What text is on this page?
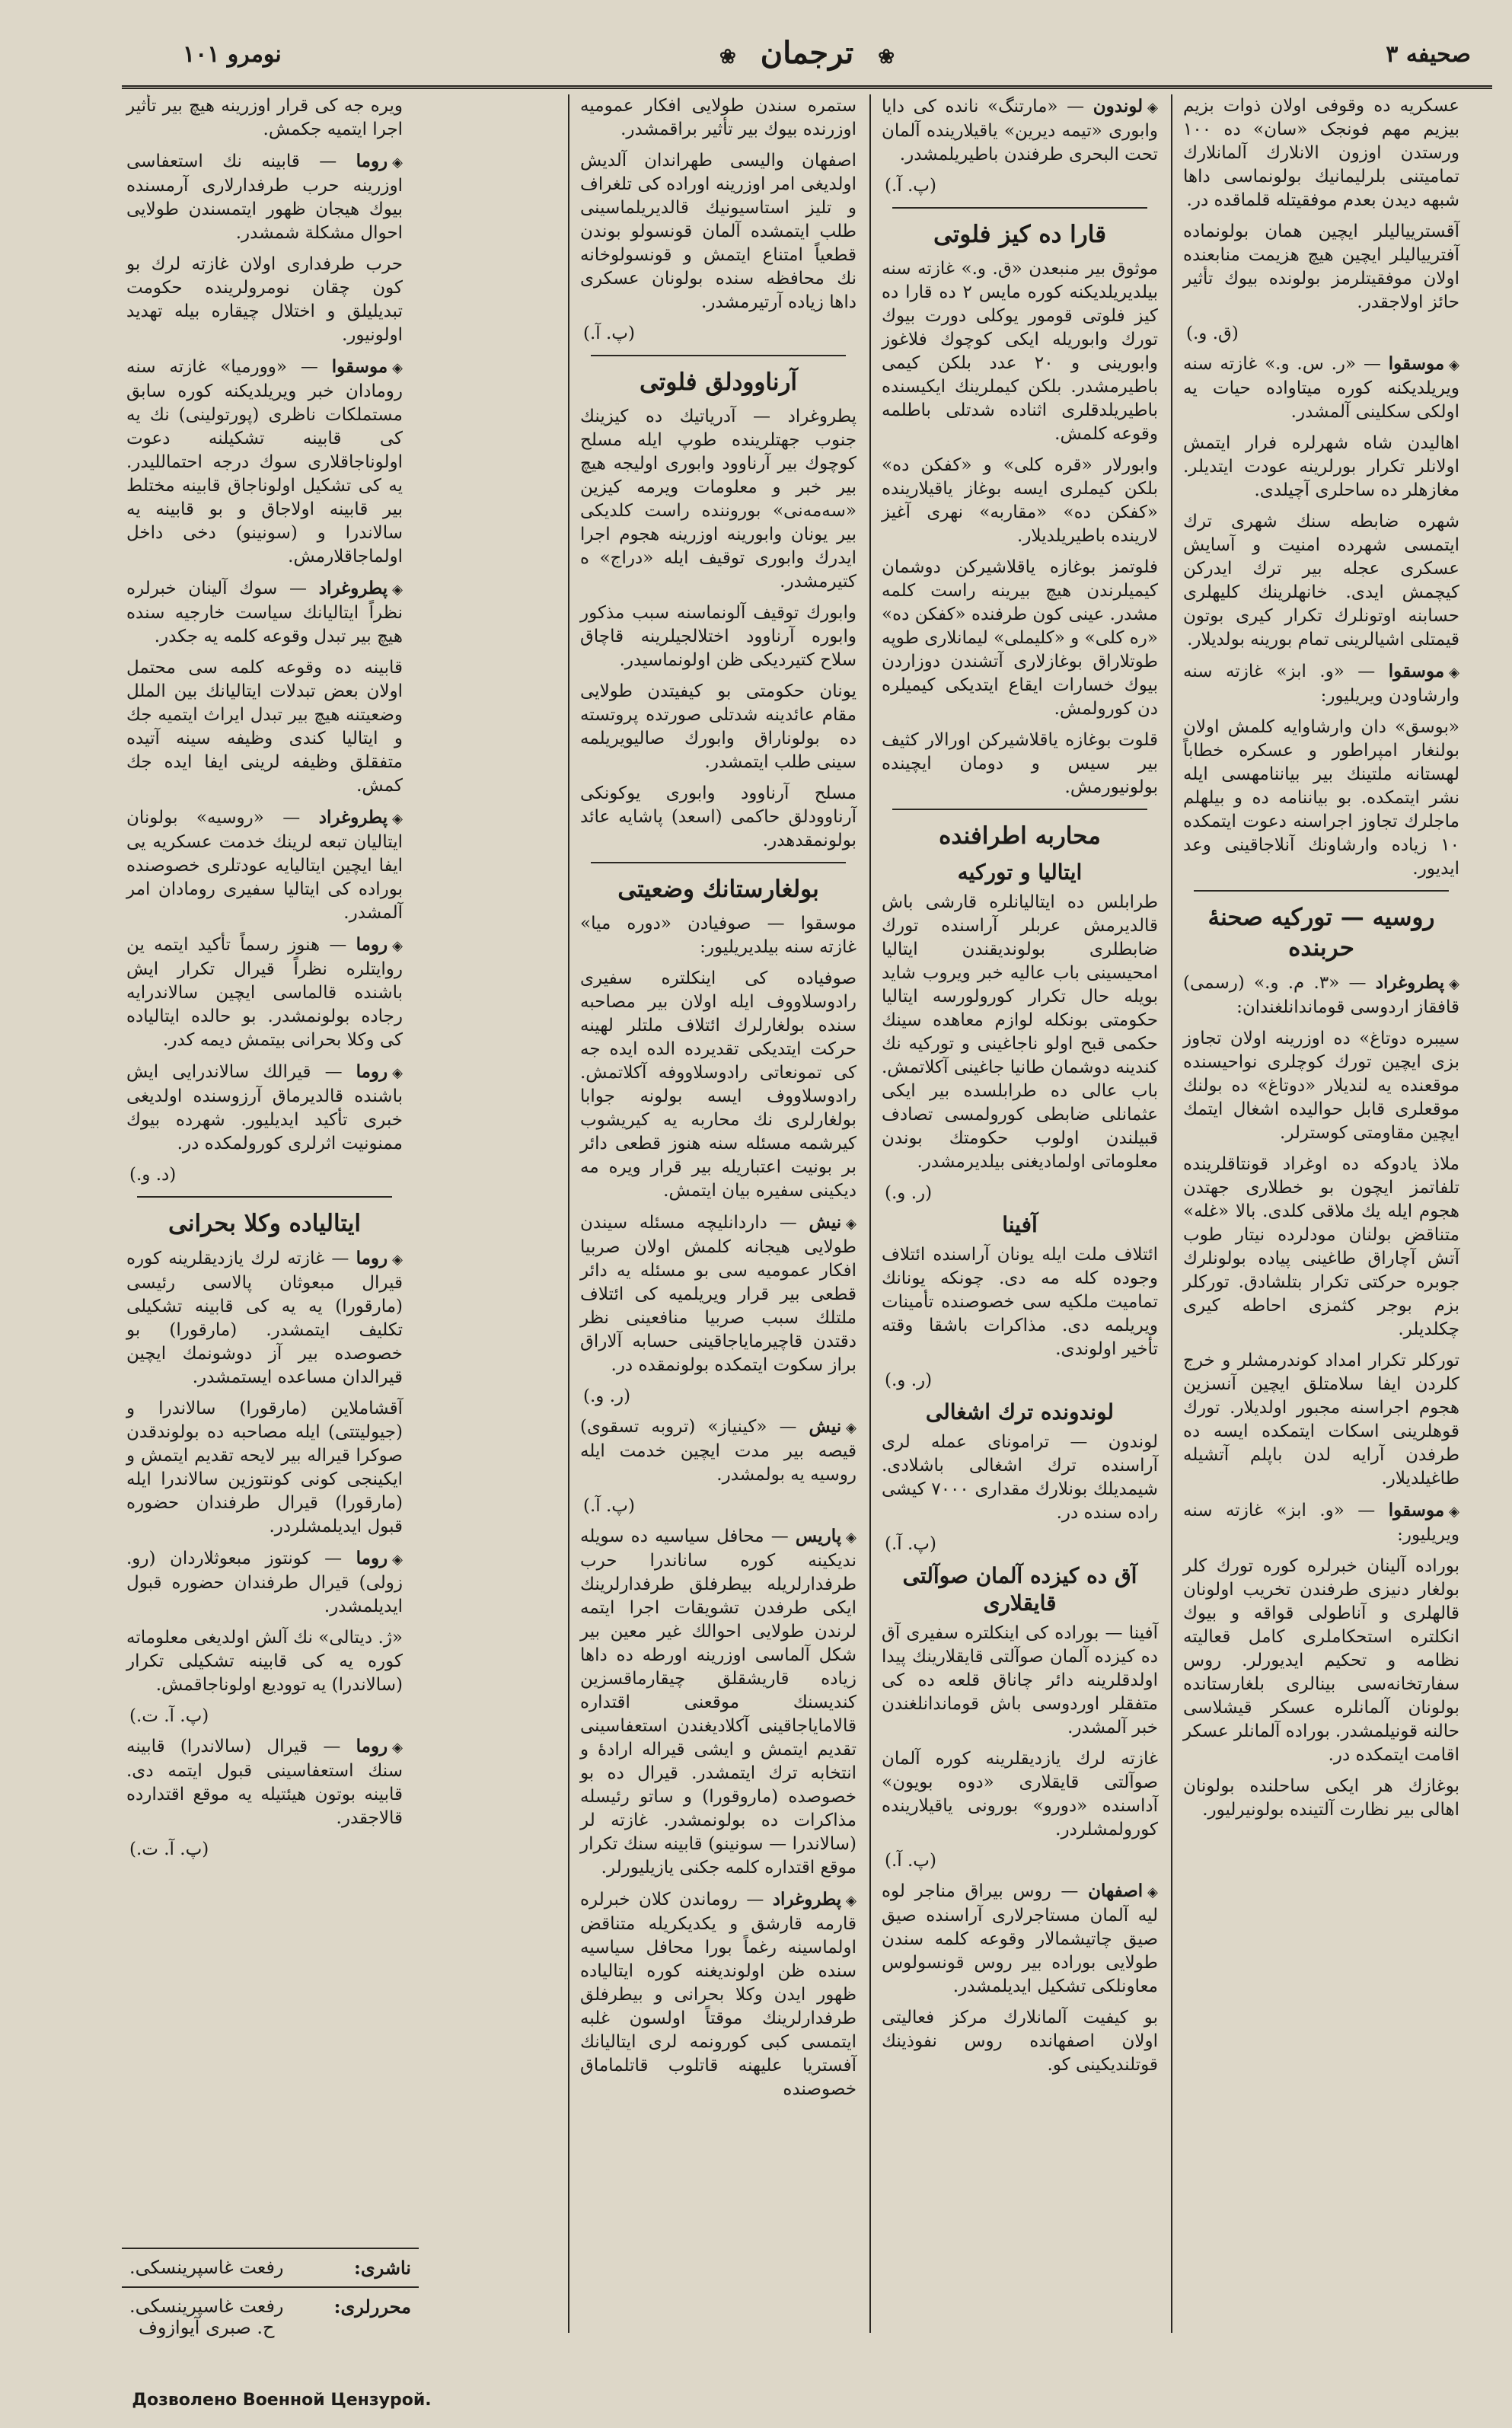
نومرو ۱۰۱	❀ ترجمان ❀	صحیفه ۳
عسکریه ده وقوفی اولان ذوات بزیم بیزیم مهم فونجک «سان» ده ۱۰۰ ورستدن اوزون الانلارك آلمانلارك تمامیتنی بلرلیمانیك بولونماسی داها شبهه دیدن بعدم موفقیتله قلماقده در.
آقسترییالیلر ایچین همان بولونماده آفترییالیلر ایچین هیچ هزیمت منابعنده اولان موفقیتلرمز بولونده بیوك تأثیر حائز اولاجقدر.
(ق. و.)
◈موسقوا — «ر. س. و.» غازته سنه ویریلدیکنه کوره میتاواده حیات یه اولکی سکلینی آلمشدر.
اهالیدن شاه شهرلره فرار ایتمش اولانلر تکرار بورلرینه عودت ایتدیلر. مغازهلر ده ساحلری آچیلدی.
شهره ضابطه سنك شهری ترك ایتمسی شهرده امنیت و آسایش عسکری عجله بیر ترك ایدرکن کیچمش ایدی. خانهلرینك کلیهلری حسابنه اوتونلرك تکرار کیری بوتون قیمتلی اشیالرینی تمام بورینه بولدیلار.
◈موسقوا — «و. ابز» غازته سنه وارشاودن ویریلیور:
«بوسق» دان وارشاوایه کلمش اولان بولنغار امپراطور و عسکره خطاباً لهستانه ملتینك بیر بیاننامهسی ایله نشر ایتمکده. بو بیاننامه ده و بیلهلم ماجلرك تجاوز اجراسنه دعوت ایتمکده ۱۰ زیاده وارشاونك آنلاجاقینی وعد ایدیور.
روسیه — تورکیه صحنهٔ حربنده
◈پطروغراد — «۳. م. و.» (رسمی) قافقاز اردوسی قوماندانلغندان:
سیبره‌ دوتاغ» ده اوزرینه اولان تجاوز بزی ایچین تورك کوچلری نواحیسنده موقعنده یه لندیلار «دوتاغ» ده بولنك موقعلری قابل حوالیده اشغال ایتمك ایچین مقاومتی کوسترلر.
ملاذ یادوکه ده اوغراد قونتاقلرینده تلفاتمز ایچون بو خطلاری جهتدن هجوم ایله یك ملاقی کلدی. بالا «غله» متناقض بولنان مودلرده نیتار طوب آتش آچاراق طاغینی پیاده بولونلرك جوبره حرکتی تکرار بتلشادق. تورکلر بزم بوجر کثمزی احاطه کیری چکلدیلر.
تورکلر تکرار امداد کوندرمشلر و خرج کلردن ایفا سلامتلق ایچین آنسزین هجوم اجراسنه مجبور اولدیلار. تورك قوهلرینی اسکات ایتمکده ایسه ده طرفدن آرایه لدن باپلم آتشیله طاغیلدیلار.
◈موسقوا — «و. ابز» غازته سنه ویریلیور:
بوراده آلینان خبرلره کوره تورك کلر بولغار دنیزی طرفندن تخریب اولونان قالهلری و آناطولی قواقه و بیوك انکلتره استحکاملری کامل قعالیته نظامه و تحکیم ایدیورلر. روس سفارتخانه‌سی بینالری بلغارستانده بولونان آلمانلره عسکر قیشلاسی حالنه قونیلمشدر. بوراده آلمانلر عسکر اقامت ایتمکده در.
بوغازك هر ایکی ساحلنده بولونان اهالی بیر نظارت آلتینده بولونیرلیور.
◈لوندون — «مارتنگ» نانده کی دایا وابوری «تیمه دیرین» یاقیلارینده آلمان تحت البحری طرفندن باطیریلمشدر.
(پ. آ.)
قارا ده کیز فلوتی
موثوق بیر منبعدن «ق. و.» غازته سنه بیلدیریلدیکنه کوره مایس ۲ ده قارا ده کیز فلوتی قومور یوکلی دورت بیوك تورك وابوریله ایکی کوچوك فلاغوز وابورینی و ۲۰ عدد بلکن کیمی باطیرمشدر. بلکن کیملرینك ایکیسنده باطیریلدقلری اثناده شدتلی باطلمه وقوعه کلمش.
وابورلار «قره کلی» و «کفکن ده» بلکن کیملری ایسه بوغاز یاقیلارینده «کفکن ده» «مقاربه» نهری آغیز لارینده باطیریلدیلار.
فلوتمز بوغازه یاقلاشیرکن دوشمان کیمیلرندن هیچ بیرینه راست کلمه مشدر. عینی کون طرفنده «کفکن ده» «ره کلی» و «کلیملی» لیمانلاری طوپه طوتلاراق بوغازلاری آتشندن دوزاردن بیوك خسارات ایقاع ایتدیکی کیمیلره‌ دن کورولمش.
قلوت بوغازه یاقلاشیرکن اورالار کثیف بیر سیس و دومان ایچینده بولونیورمش.
محاربه اطرافنده
ایتالیا و تورکیه
طرابلس ده ایتالیانلره قارشی باش قالدیرمش عربلر آراسنده تورك ضابطلری بولوندیقندن ایتالیا امحیسینی باب عالیه خبر ویروب شاید بویله حال تکرار کورولورسه ایتالیا حکومتی بونکله لوازم معاهده سینك حکمی قبح اولو ناجاغینی و تورکیه نك کندینه دوشمان طانیا جاغینی آکلاتمش. باب عالی ده طرابلسده بیر ایکی عثمانلی ضابطی کورولمسی تصادف قبیلندن اولوب حکومتك بوندن معلوماتی اولمادیغنی بیلدیرمشدر.
(ر. و.)
آفینا
ائتلاف ملت ایله یونان آراسنده ائتلاف وجوده کله مه‌ دی. چونکه یونانك تمامیت ملکیه‌ سی خصوصنده تأمینات ویریلمه دی. مذاکرات باشقا وقته تأخیر اولوندی.
(ر. و.)
لوندونده ترك اشغالی
لوندون — ترامونای عمله‌ لری آراسنده ترك اشغالی باشلادی. شیمدیلك بونلارك مقداری ۷۰۰۰ کیشی راده‌ سنده در.
(پ. آ.)
آق ده کیزده آلمان صوآلتی قایقلاری
آفینا — بوراده کی اینکلتره سفیری آق ده کیزده آلمان صوآلتی قایقلارینك پیدا اولدقلرینه دائر چاناق قلعه ده کی متفقلر اوردوسی باش قوماندانلغندن خبر آلمشدر.
غازته لرك یازدیقلرینه کوره آلمان صوآلتی قایقلاری «دوه‌ بویون» آداسنده «دورو» بورونی یاقیلارینده کورولمشلردر.
(پ. آ.)
◈اصفهان — روس بیراق مناجر لوه لیه آلمان مستاجرلاری آراسنده صیق صیق چاتیشمالار وقوعه کلمه‌ سندن طولایی بوراده بیر روس قونسولوس معاونلکی تشکیل ایدیلمشدر.
بو کیفیت آلمانلارك مرکز فعالیتی اولان اصفهانده روس نفوذینك قوتلندیکینی کو.
ستمره سندن طولایی افکار عمومیه اوزرنده بیوك بیر تأثیر براقمشدر.
اصفهان والیسی طهراندان آلدیش اولدیغی امر اوزرینه اوراده کی تلغراف و تلیز استاسیونیك قالدیریلماسینی طلب ایتمشده آلمان قونسولو بوندن قطعیاً امتناع ایتمش و قونسولوخانه نك محافظه‌ سنده بولونان عسکری داها زیاده آرتیرمشدر.
(پ. آ.)
آرناوودلق فلوتی
پطروغراد — آدریاتیك ده کیزینك جنوب جهتلرینده طوپ ایله مسلح کوچوك بیر آرناوود وابوری اولیجه هیچ بیر خبر و معلومات ویرمه کیزین «سه‌مه‌نی» بوروننده راست کلدیکی بیر یونان وابورینه اوزرینه هجوم اجرا ایدرك وابوری توقیف ایله «دراج» ه کتیرمشدر.
وابورك توقیف آلونماسنه سبب مذکور وابوره آرناوود اختلالجیلرینه قاچاق سلاح کتیردیکی ظن اولونماسیدر.
یونان حکومتی بو کیفیتدن طولایی مقام عائدینه شدتلی صورتده پروتسته‌ ده بولوناراق وابورك صالیویریلمه‌ سینی طلب ایتمشدر.
مسلح آرناوود وابوری یوکونکی آرناوودلق حاکمی (اسعد) پاشایه عائد بولونمقدهدر.
بولغارستانك وضعیتی
موسقوا — صوفیادن «دوره‌ میا» غازته سنه بیلدیریلیور:
صوفیاده کی اینکلتره سفیری رادوسلاووف ایله اولان بیر مصاحبه‌ سنده بولغارلرك ائتلاف ملتلر لهینه حرکت ایتدیکی تقدیرده الده ایده‌ جه کی تمونعاتی رادوسلاووفه آکلاتمش. رادوسلاووف ایسه بولونه جوابا بولغارلری نك محاربه‌ یه کیریشوب کیرشمه‌ مسئله‌ سنه هنوز قطعی دائر بر بونیت اعتباریله بیر قرار ویره‌ مه‌ دیکینی سفیره بیان ایتمش.
◈نیش — داردانلیچه مسئله‌ سیندن طولایی هیجانه کلمش اولان صربیا افکار عمومیه‌ سی بو مسئله‌ یه دائر قطعی بیر قرار ویریلمیه کی ائتلاف ملتلك سبب صربیا منافعینی نظر دقتدن قاچیرمایاجاقینی حسابه آلاراق براز سکوت ایتمکده بولونمقده‌ در.
(ر. و.)
◈نیش — «کینیاز» (تروبه‌ تسقوی) قیصه بیر مدت ایچین خدمت ایله روسیه‌ یه بولمشدر.
(پ. آ.)
◈پاریس — محافل سیاسیه‌ ده سویله‌ ندیکینه کوره ساناندرا حرب طرفدارلریله بیطرفلق طرفدارلرینك ایکی طرفدن تشویقات اجرا ایتمه‌ لرندن طولایی احوالك غیر معین بیر شکل آلماسی اوزرینه اورطه‌ ده داها زیاده قاریشقلق چیقارماقسزین کندیسنك موقعنی اقتداره قالامایاجاقینی آکلادیغندن استعفاسینی تقدیم ایتمش و ایشی قیراله ارادهٔ و انتخابه ترك ایتمشدر. قیرال ده بو خصوصده (ماروقورا) و ساتو رئیسله مذاکرات ده بولونمشدر. غازته‌ لر (سالاندرا — سونینو) قابینه‌ سنك تکرار موقع اقتداره کلمه‌ جکنی یازیلیورلر.
◈پطروغراد — روماندن کلان خبرلره قارمه قارشق و یکدیکریله متناقض اولماسینه رغماً بورا محافل سیاسیه‌ سنده ظن اولوندیغنه کوره ایتالیاده ظهور ایدن وکلا بحرانی و بیطرفلق طرفدارلرینك موقتاً اولسون غلبه ایتمسی کبی کورونمه‌ لری ایتالیانك آفستریا علیهنه قاتلوب قاتلماماق خصوصنده
ویره‌ جه‌ کی قرار اوزرینه هیچ بیر تأثیر اجرا ایتمیه‌ جکمش.
◈روما — قابینه‌ نك استعفاسی اوزرینه حرب طرفدارلاری آرمسنده بیوك هیجان ظهور ایتمسندن طولایی احوال مشکلة شمشدر.
حرب طرفداری اولان غازته‌ لرك بو کون چقان نومرولرینده حکومت تبدیلیلق و اختلال چیقاره‌ بیله تهدید اولونیور.
◈موسقوا — «وورمیا» غازته سنه رومادان خبر ویریلدیکنه کوره سابق مستملکات ناظری (پورتولینی) نك یه کی قابینه تشکیلنه دعوت اولوناجاقلاری سوك درجه احتماللیدر. یه کی تشکیل اولوناجاق قابینه مختلط بیر قابینه اولاجاق و بو قابینه یه سالاندرا و (سونینو) دخی داخل اولماجاقلارمش.
◈پطروغراد — سوك آلینان خبرلره نظراً ایتالیانك سیاست خارجیه‌ سنده هیچ بیر تبدل وقوعه کلمه‌ یه‌ جکدر.
قابینه‌ ده وقوعه کلمه‌ سی محتمل اولان بعض تبدلات ایتالیانك بین الملل وضعیتنه هیچ بیر تبدل ایراث ایتمیه‌ جك و ایتالیا کندی وظیفه‌ سینه آتیده متفقلق وظیفه‌ لرینی ایفا ایده‌ جك کمش.
◈پطروغراد — «روسیه» بولونان ایتالیان تبعه‌ لرینك خدمت عسکریه‌ یی ایفا ایچین ایتالیایه عودتلری خصوصنده بوراده کی ایتالیا سفیری رومادان امر آلمشدر.
◈روما — هنوز رسماً تأکید ایتمه‌ ین روایتلره نظراً قیرال تکرار ایش باشنده قالماسی ایچین سالاندرایه رجاده بولونمشدر. بو حالده ایتالیاده کی وکلا بحرانی بیتمش دیمه کدر.
◈روما — قیرالك سالاندرایی ایش باشنده قالدیرماق آرزوسنده اولدیغی خبری تأکید ایدیلیور. شهرده بیوك ممنونیت اثرلری کورولمکده‌ در.
(د. و.)
ایتالیاده وکلا بحرانی
◈روما — غازته‌ لرك یازدیقلرینه کوره قیرال مبعوثان پالاسی رئیسی (مارقورا) یه یه کی قابینه تشکیلی تکلیف ایتمشدر. (مارقورا) بو خصوصده بیر آز دوشونمك ایچین قیرالدان مساعده ایستمشدر.
آقشاملاین (مارقورا) سالاندرا و (جیولیتتی) ایله مصاحبه ده بولوندقدن صوکرا قیراله بیر لایحه تقدیم ایتمش و ایکینجی کونی کونتوزین سالاندرا ایله (مارقورا) قیرال طرفندان حضوره قبول ایدیلمشلردر.
◈روما — کونتوز مبعوثلاردان (رو. زولی) قیرال طرفندان حضوره قبول ایدیلمشدر.
«ژ. دیتالی» نك آلش اولدیغی معلوماته کوره یه کی قابینه تشکیلی تکرار (سالاندرا) یه توودیع اولوناجاقمش.
(پ. آ. ت.)
◈روما — قیرال (سالاندرا) قابینه‌ سنك استعفاسینی قبول ایتمه‌ دی. قابینه بوتون هیئتیله یه موقع اقتدارده قالاجقدر.
(پ. آ. ت.)
ناشری:
رفعت غاسپرینسکی.
محررلری:
رفعت غاسپرینسکی.
ح. صبری آیوازوف
Дозволено Военной Цензурой.
